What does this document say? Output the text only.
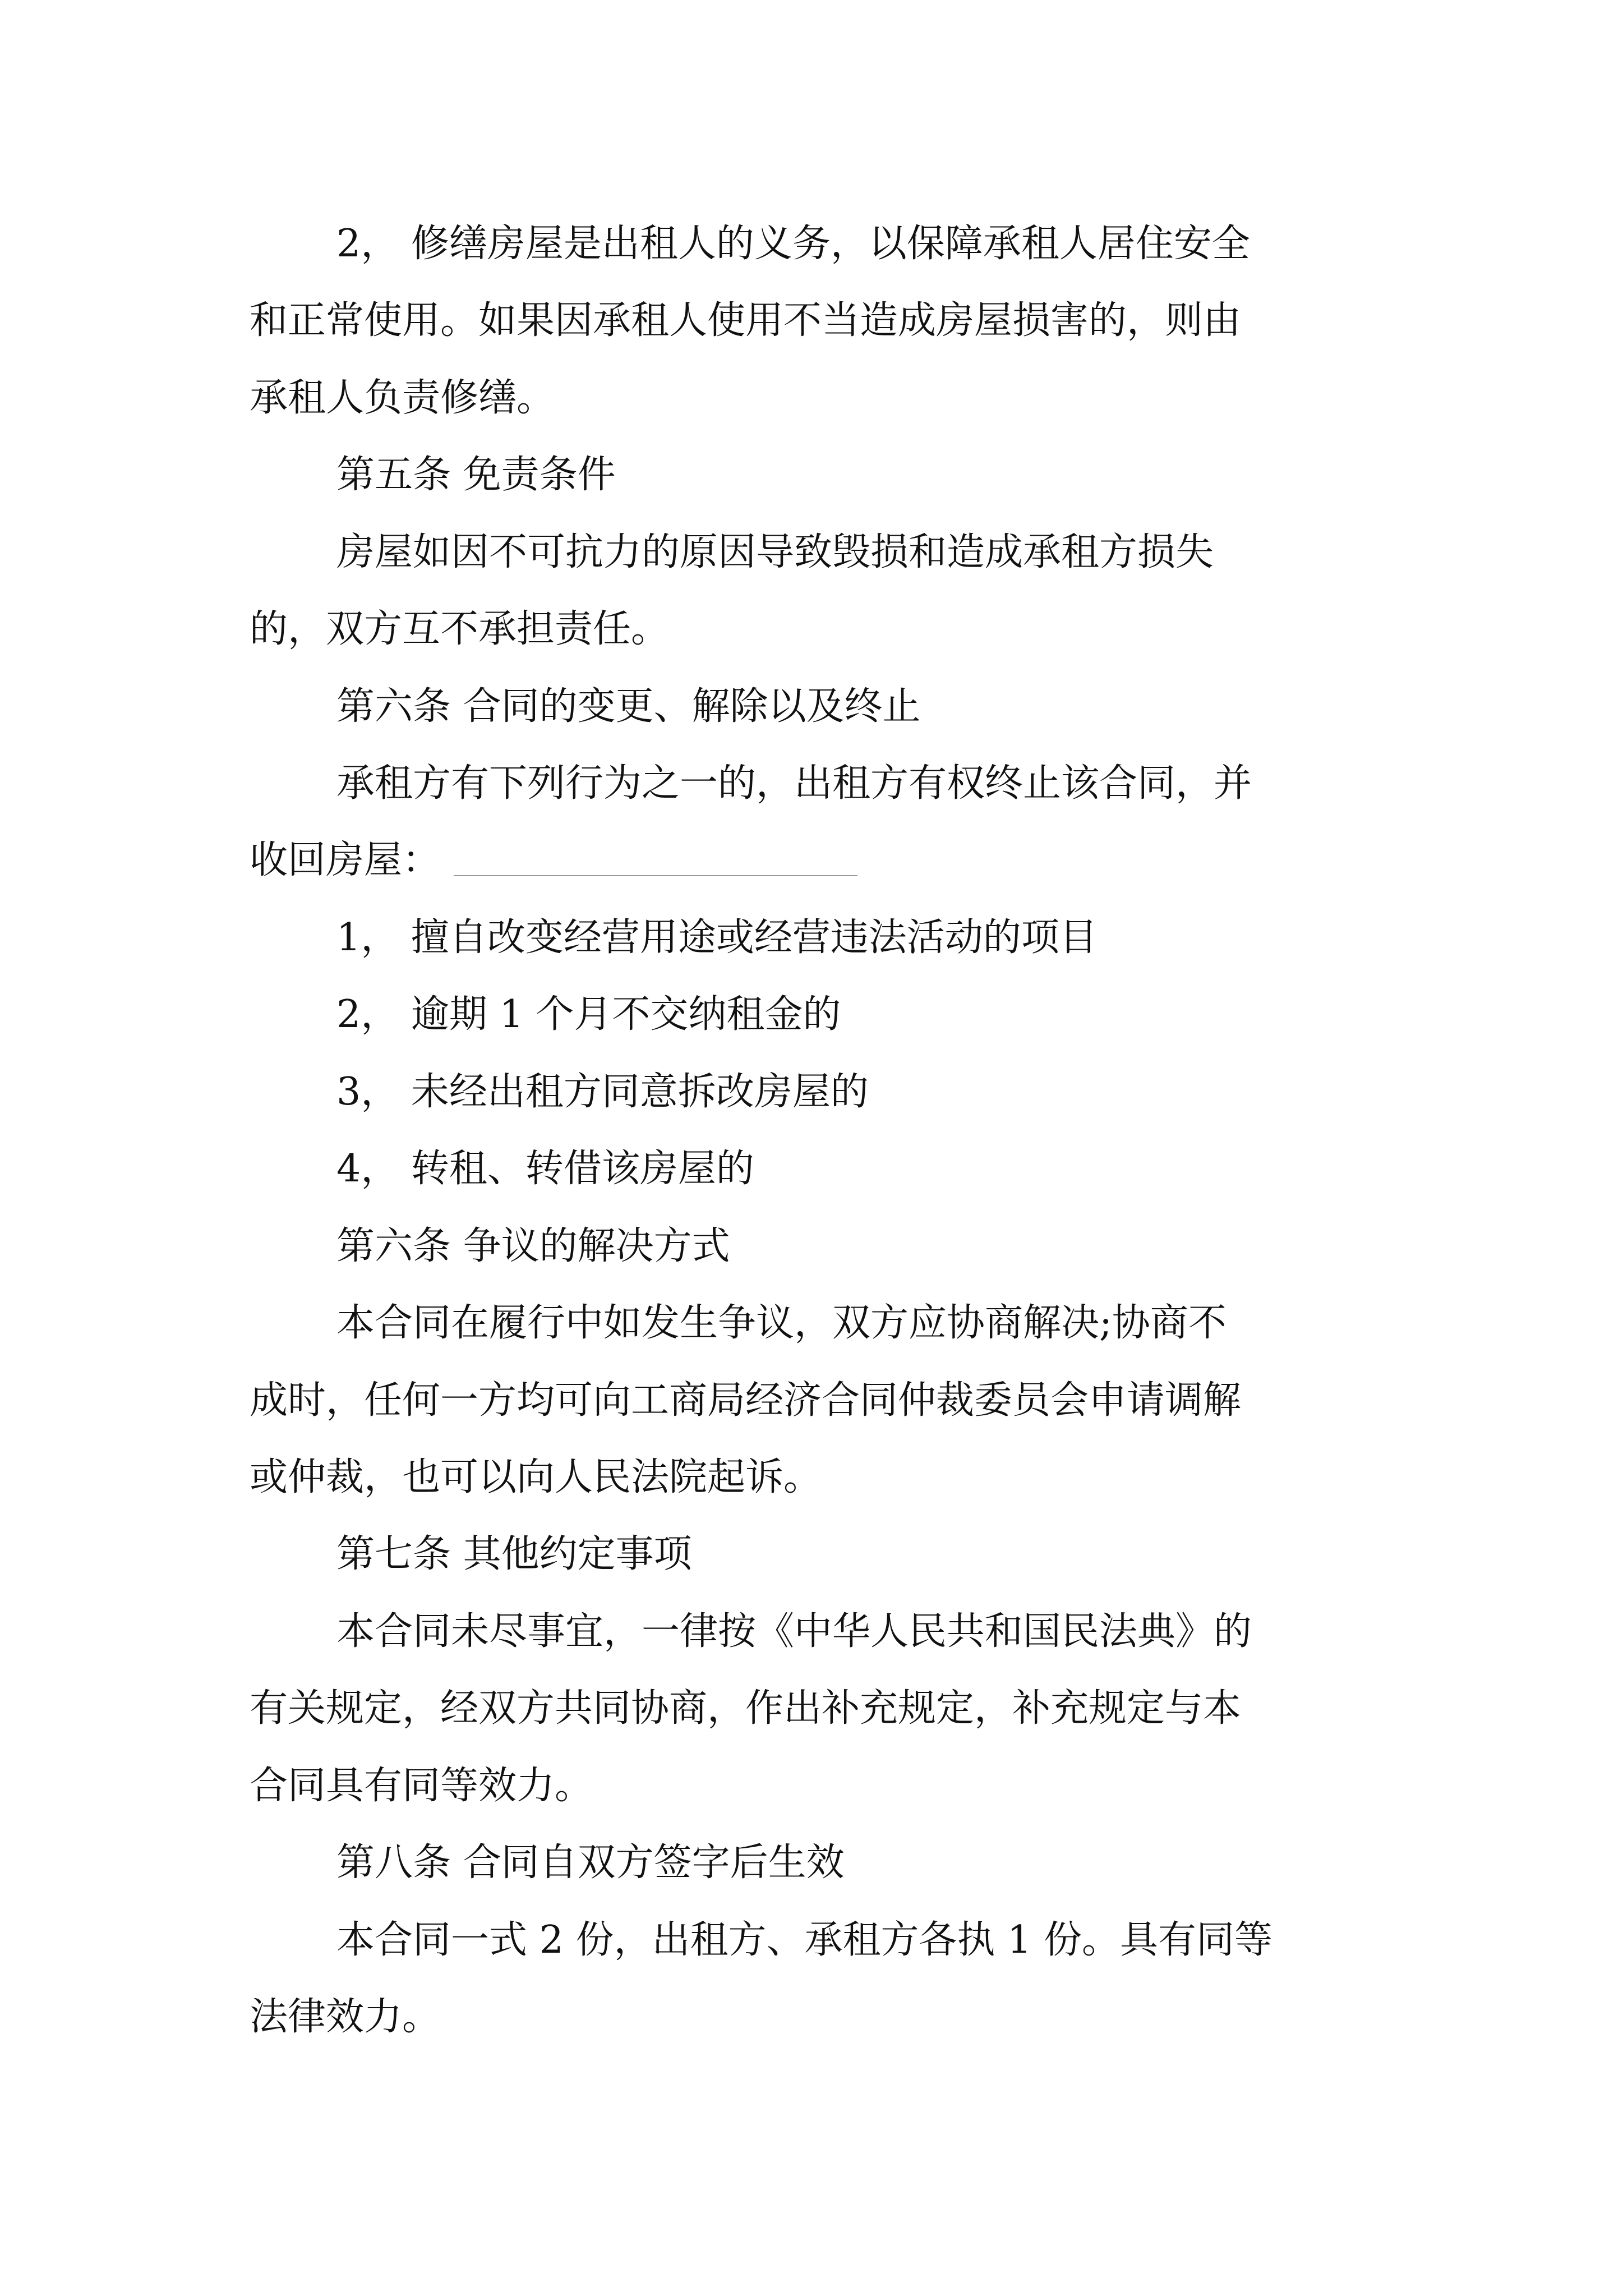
2， 修缮房屋是出租人的义务，以保障承租人居住安全
和正常使用。如果因承租人使用不当造成房屋损害的，则由
承租人负责修缮。
第五条 免责条件
房屋如因不可抗力的原因导致毁损和造成承租方损失
的，双方互不承担责任。
第六条 合同的变更、解除以及终止
承租方有下列行为之一的，出租方有权终止该合同，并
收回房屋：
1， 擅自改变经营用途或经营违法活动的项目
2， 逾期 1 个月不交纳租金的
3， 未经出租方同意拆改房屋的
4， 转租、转借该房屋的
第六条 争议的解决方式
本合同在履行中如发生争议，双方应协商解决;协商不
成时，任何一方均可向工商局经济合同仲裁委员会申请调解
或仲裁，也可以向人民法院起诉。
第七条 其他约定事项
本合同未尽事宜，一律按《中华人民共和国民法典》的
有关规定，经双方共同协商，作出补充规定，补充规定与本
合同具有同等效力。
第八条 合同自双方签字后生效
本合同一式 2 份，出租方、承租方各执 1 份。具有同等
法律效力。
